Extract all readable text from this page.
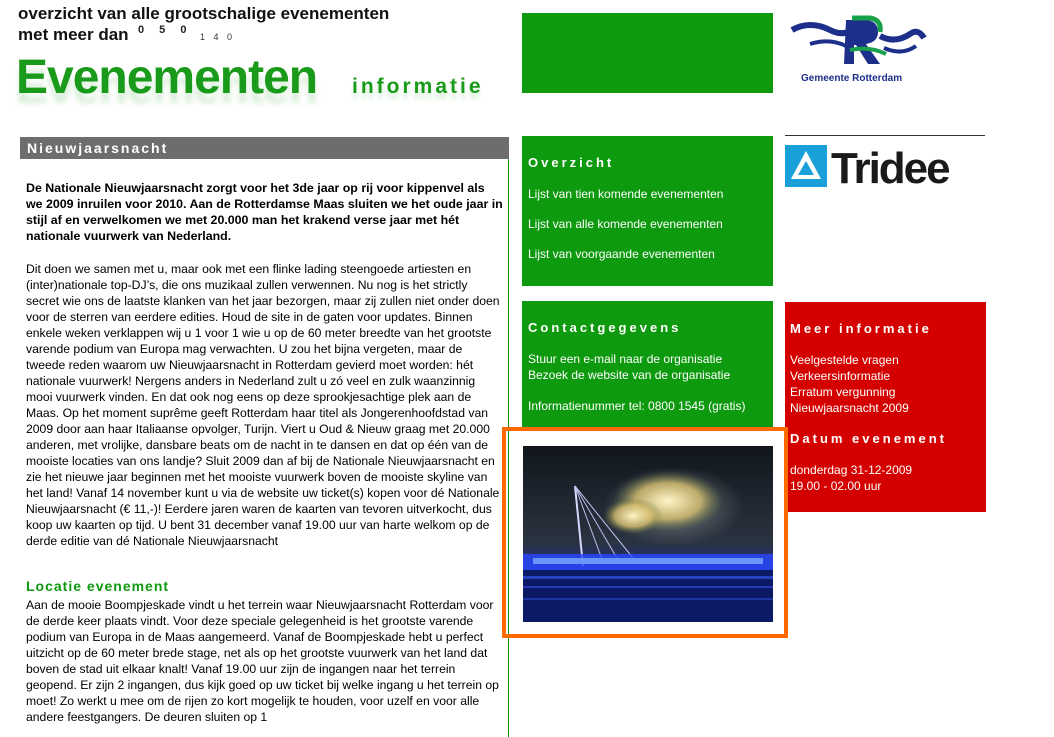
overzicht van alle grootschalige evenementen
met meer dan 0 5 0
1 4 0
Evenementen informatie	Gemeente Rotterdam
Nieuwjaarsnacht
De Nationale Nieuwjaarsnacht zorgt voor het 3de jaar op rij voor kippenvel als we 2009 inruilen voor 2010. Aan de Rotterdamse Maas sluiten we het oude jaar in stijl af en verwelkomen we met 20.000 man het krakend verse jaar met hét nationale vuurwerk van Nederland.
Dit doen we samen met u, maar ook met een flinke lading steengoede artiesten en (inter)nationale top-DJ’s, die ons muzikaal zullen verwennen. Nu nog is het strictly secret wie ons de laatste klanken van het jaar bezorgen, maar zij zullen niet onder doen voor de sterren van eerdere edities. Houd de site in de gaten voor updates. Binnen enkele weken verklappen wij u 1 voor 1 wie u op de 60 meter breedte van het grootste varende podium van Europa mag verwachten. U zou het bijna vergeten, maar de tweede reden waarom uw Nieuwjaarsnacht in Rotterdam gevierd moet worden: hét nationale vuurwerk! Nergens anders in Nederland zult u zó veel en zulk waanzinnig mooi vuurwerk vinden. En dat ook nog eens op deze sprookjesachtige plek aan de Maas. Op het moment suprême geeft Rotterdam haar titel als Jongerenhoofdstad van 2009 door aan haar Italiaanse opvolger, Turijn. Viert u Oud & Nieuw graag met 20.000 anderen, met vrolijke, dansbare beats om de nacht in te dansen en dat op één van de mooiste locaties van ons landje? Sluit 2009 dan af bij de Nationale Nieuwjaarsnacht en zie het nieuwe jaar beginnen met het mooiste vuurwerk boven de mooiste skyline van het land! Vanaf 14 november kunt u via de website uw ticket(s) kopen voor dé Nationale Nieuwjaarsnacht (€ 11,-)! Eerdere jaren waren de kaarten van tevoren uitverkocht, dus koop uw kaarten op tijd. U bent 31 december vanaf 19.00 uur van harte welkom op de derde editie van dé Nationale Nieuwjaarsnacht
Locatie evenement
Aan de mooie Boompjeskade vindt u het terrein waar Nieuwjaarsnacht Rotterdam voor de derde keer plaats vindt. Voor deze speciale gelegenheid is het grootste varende podium van Europa in de Maas aangemeerd. Vanaf de Boompjeskade hebt u perfect uitzicht op de 60 meter brede stage, net als op het grootste vuurwerk van het land dat boven de stad uit elkaar knalt! Vanaf 19.00 uur zijn de ingangen naar het terrein geopend. Er zijn 2 ingangen, dus kijk goed op uw ticket bij welke ingang u het terrein op moet! Zo werkt u mee om de rijen zo kort mogelijk te houden, voor uzelf en voor alle andere feestgangers. De deuren sluiten op 1
Overzicht
Lijst van tien komende evenementen
Lijst van alle komende evenementen
Lijst van voorgaande evenementen
Contactgegevens
Stuur een e-mail naar de organisatie
Bezoek de website van de organisatie
Informatienummer tel: 0800 1545 (gratis)
Meer informatie
Veelgestelde vragen
Verkeersinformatie
Erratum vergunning
Nieuwjaarsnacht 2009
Datum evenement
donderdag 31-12-2009
19.00 - 02.00 uur
Tridee
